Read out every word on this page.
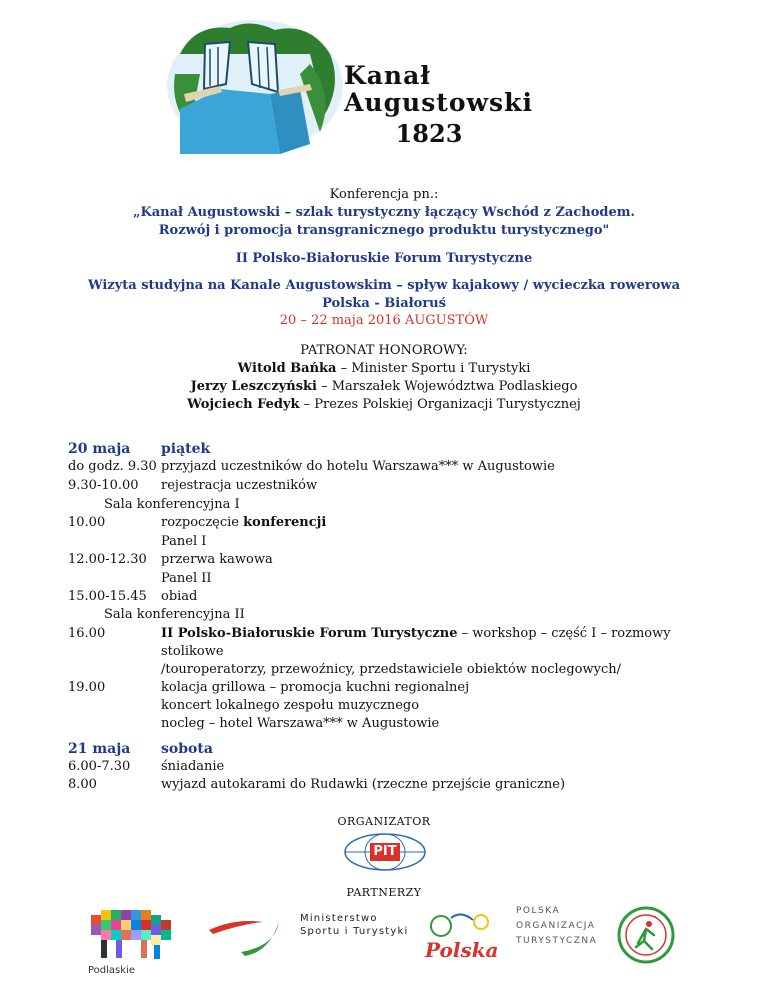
Kanał
Augustowski
1823
Konferencja pn.:
„Kanał Augustowski – szlak turystyczny łączący Wschód z Zachodem.
Rozwój i promocja transgranicznego produktu turystycznego"
II Polsko-Białoruskie Forum Turystyczne
Wizyta studyjna na Kanale Augustowskim – spływ kajakowy / wycieczka rowerowa
Polska - Białoruś
20 – 22 maja 2016 AUGUSTÓW
PATRONAT HONOROWY:
Witold Bańka – Minister Sportu i Turystyki
Jerzy Leszczyński – Marszałek Województwa Podlaskiego
Wojciech Fedyk – Prezes Polskiej Organizacji Turystycznej
20 maja piątek
do godz. 9.30 przyjazd uczestników do hotelu Warszawa*** w Augustowie
9.30-10.00 rejestracja uczestników
Sala konferencyjna I
10.00	rozpoczęcie konferencji
Panel I
12.00-12.30 przerwa kawowa
Panel II
15.00-15.45 obiad
Sala konferencyjna II
16.00	II Polsko-Białoruskie Forum Turystyczne – workshop – część I – rozmowy
stolikowe
/touroperatorzy, przewoźnicy, przedstawiciele obiektów noclegowych/
19.00	kolacja grillowa – promocja kuchni regionalnej
koncert lokalnego zespołu muzycznego
nocleg – hotel Warszawa*** w Augustowie
21 maja sobota
6.00-7.30 śniadanie
8.00	wyjazd autokarami do Rudawki (rzeczne przejście graniczne)
ORGANIZATOR
PIT
PARTNERZY
Podlaskie
Ministerstwo
Sportu i Turystyki
Polska
POLSKA
ORGANIZACJA
TURYSTYCZNA
